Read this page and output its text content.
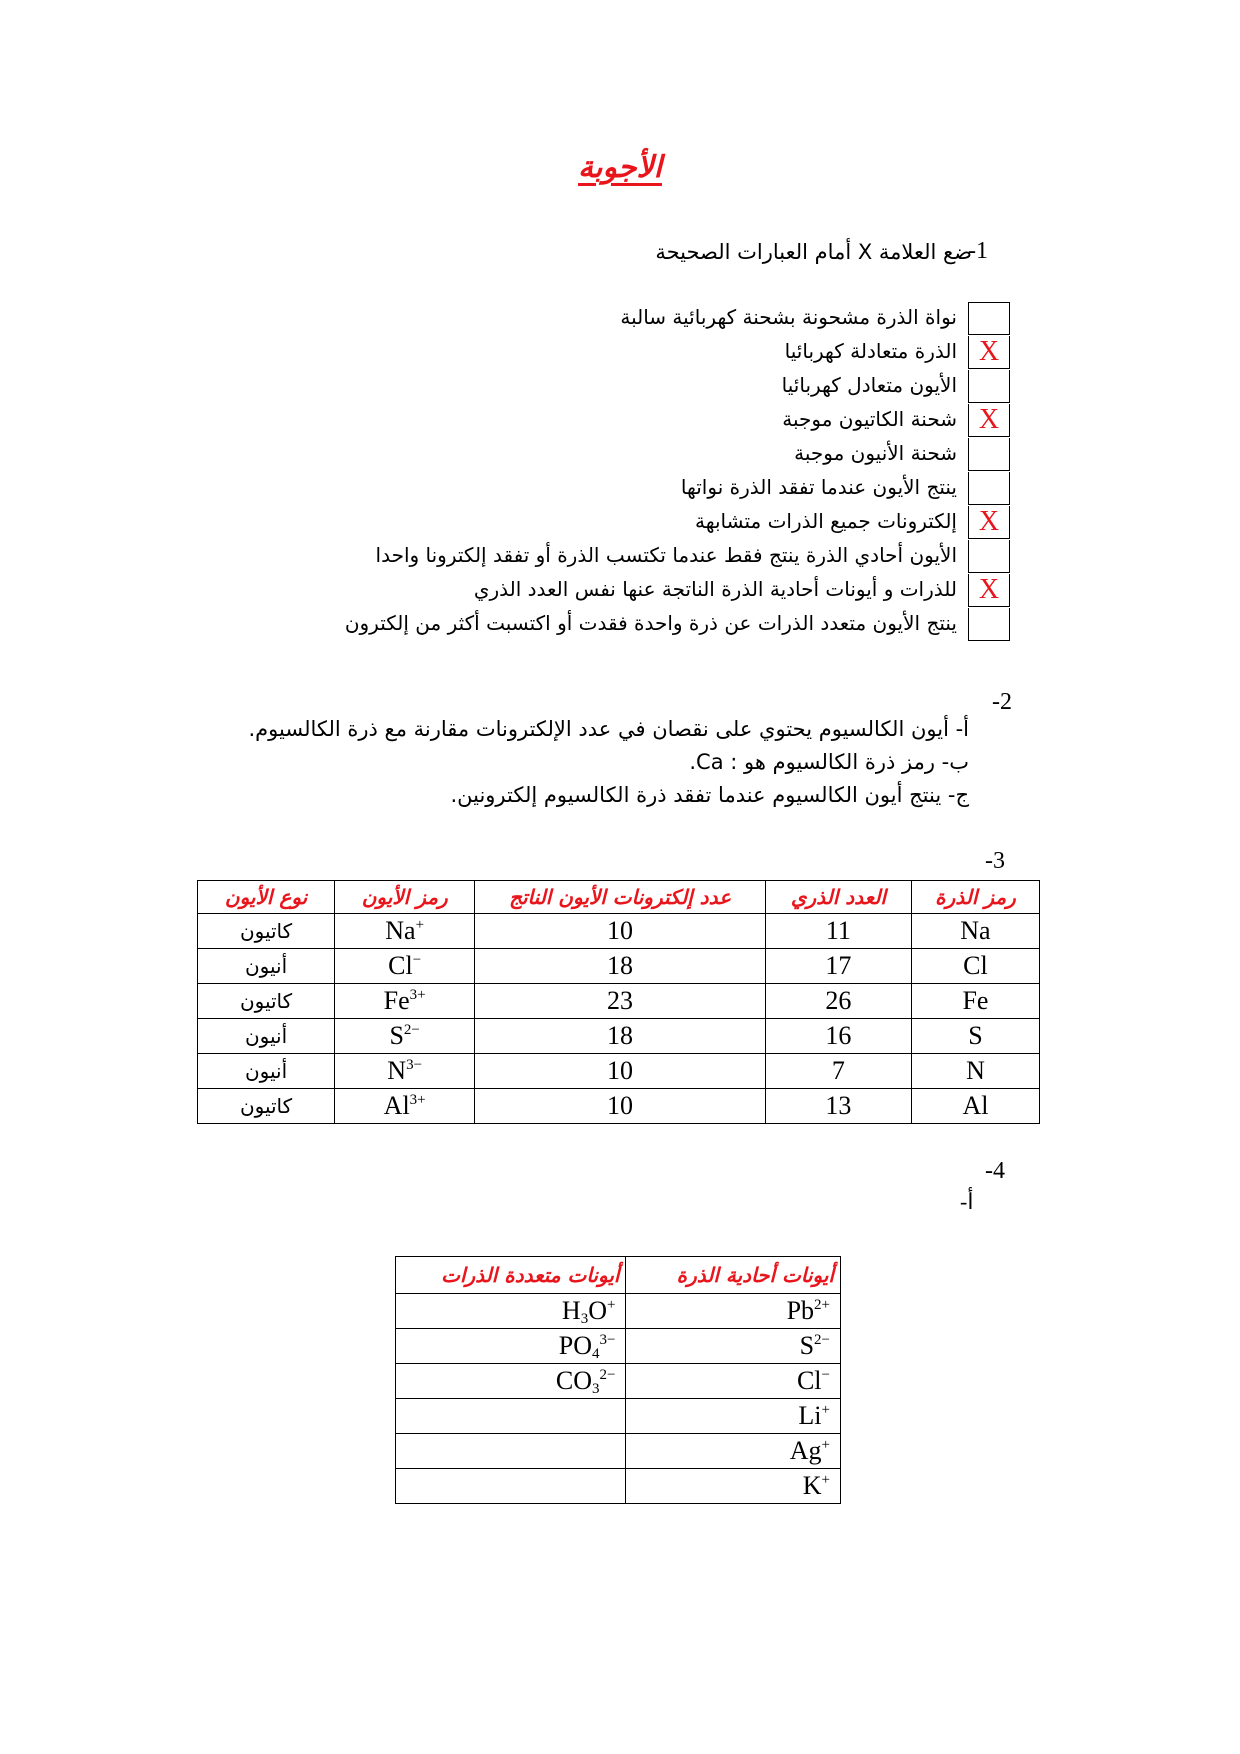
الأجوبة
-1
ضع العلامة X أمام العبارات الصحيحة
نواة الذرة مشحونة بشحنة كهربائية سالبة
X
الذرة متعادلة كهربائيا
الأيون متعادل كهربائيا
X
شحنة الكاتيون موجبة
شحنة الأنيون موجبة
ينتج الأيون عندما تفقد الذرة نواتها
X
إلكترونات جميع الذرات متشابهة
الأيون أحادي الذرة ينتج فقط عندما تكتسب الذرة أو تفقد إلكترونا واحدا
X
للذرات و أيونات أحادية الذرة الناتجة عنها نفس العدد الذري
ينتج الأيون متعدد الذرات عن ذرة واحدة فقدت أو اكتسبت أكثر من إلكترون
-2
أ- أيون الكالسيوم يحتوي على نقصان في عدد الإلكترونات مقارنة مع ذرة الكالسيوم.
ب- رمز ذرة الكالسيوم هو : Ca.
ج- ينتج أيون الكالسيوم عندما تفقد ذرة الكالسيوم إلكترونين.
-3
رمز الذرة	العدد الذري	عدد إلكترونات الأيون الناتج	رمز الأيون	نوع الأيون
Na	11	10	Na+	كاتيون
Cl	17	18	Cl−	أنيون
Fe	26	23	$Fe^{3+}$	كاتيون
S	16	18	$S^{2-}$	أنيون
N	7	10	$N^{3-}$	أنيون
Al	13	10	$Al^{3+}$	كاتيون
-4
-أ
أيونات أحادية الذرة	أيونات متعددة الذرات
$Pb^{2+}$	$H_3O^+$
$S^{2-}$	$PO_4^{3-}$
Cl−	$CO_3^{2-}$
Li+	
Ag+	
K+	
